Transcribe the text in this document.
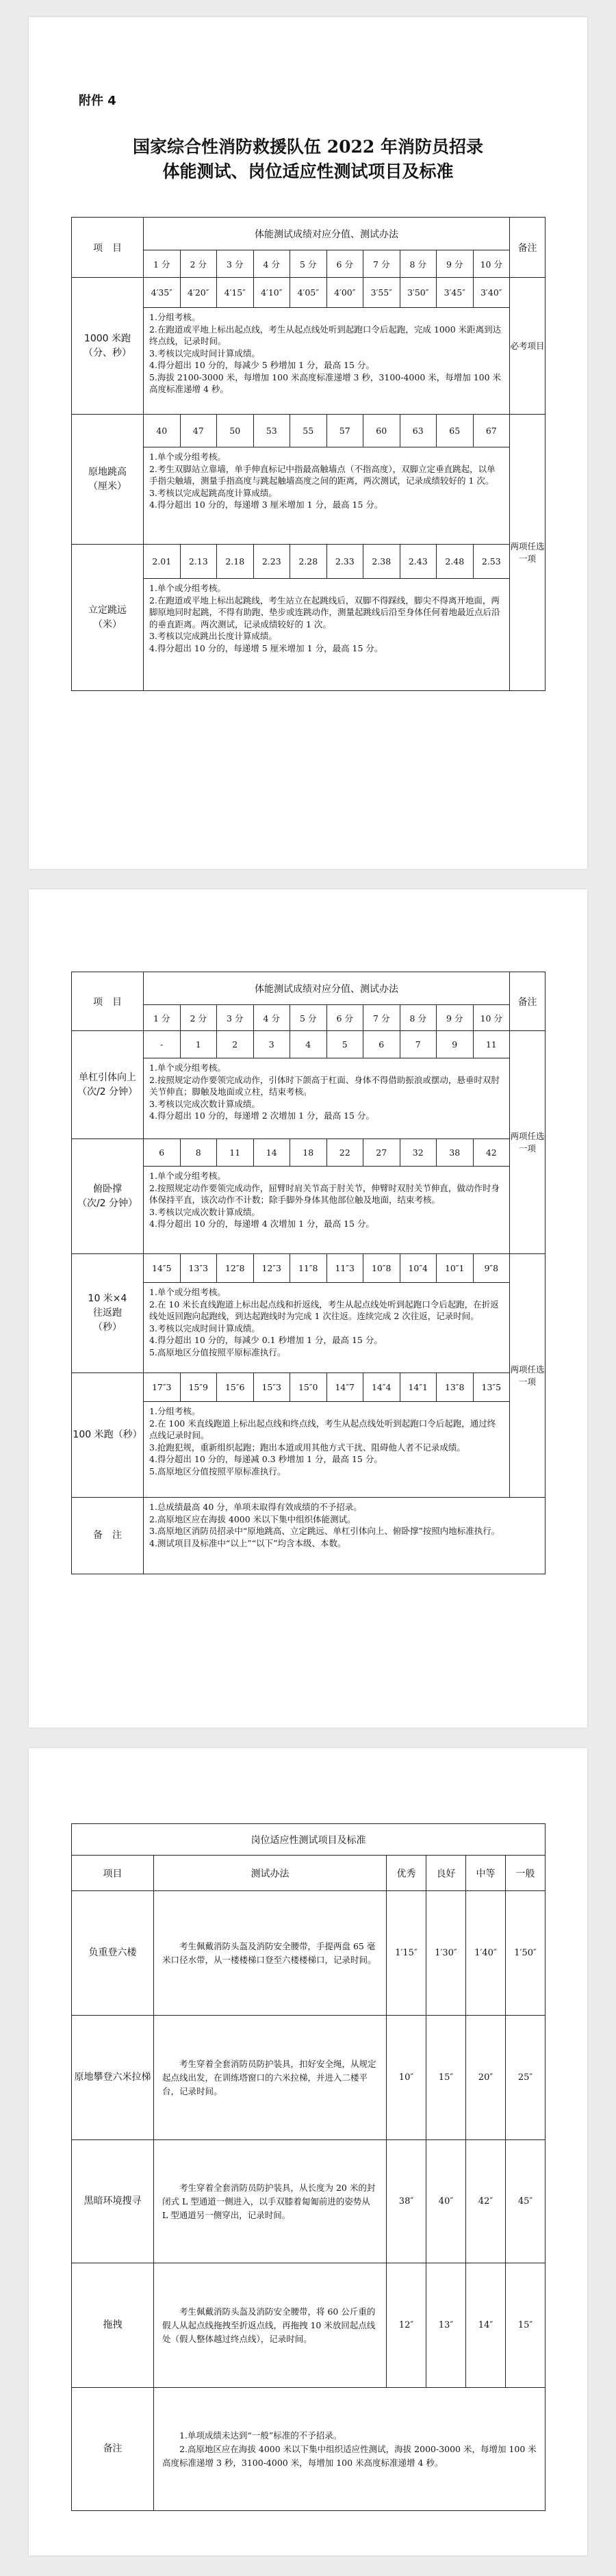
附件 4
国家综合性消防救援队伍 2022 年消防员招录
体能测试、岗位适应性测试项目及标准
项　目	体能测试成绩对应分值、测试办法										备注
	1 分	2 分	3 分	4 分	5 分	6 分	7 分	8 分	9 分	10 分	

1000 米跑
（分、秒）	4′35″	4′20″	4′15″	4′10″	4′05″	4′00″	3′55″	3′50″	3′45″	3′40″	必考项目

	1.分组考核。
2.在跑道或平地上标出起点线，考生从起点线处听到起跑口令后起跑，完成 1000 米距离到达终点线，记录时间。
3.考核以完成时间计算成绩。
4.得分超出 10 分的，每减少 5 秒增加 1 分，最高 15 分。
5.海拔 2100-3000 米，每增加 100 米高度标准递增 3 秒，3100-4000 米，每增加 100 米高度标准递增 4 秒。										

原地跳高
（厘米）	40	47	50	53	55	57	60	63	65	67	两项任选一项

	1.单个或分组考核。
2.考生双脚站立靠墙，单手伸直标记中指最高触墙点（不指高度），双脚立定垂直跳起，以单手指尖触墙，测量手指高度与跳起触墙高度之间的距离，两次测试，记录成绩较好的 1 次。
3.考核以完成起跳高度计算成绩。
4.得分超出 10 分的，每递增 3 厘米增加 1 分，最高 15 分。										

立定跳远
（米）	2.01	2.13	2.18	2.23	2.28	2.33	2.38	2.43	2.48	2.53	

	1.单个或分组考核。
2.在跑道或平地上标出起跳线，考生站立在起跳线后，双脚不得踩线，脚尖不得离开地面，两脚原地同时起跳，不得有助跑、垫步或连跳动作，测量起跳线后沿至身体任何着地最近点后沿的垂直距离。两次测试，记录成绩较好的 1 次。
3.考核以完成跳出长度计算成绩。
4.得分超出 10 分的，每递增 5 厘米增加 1 分，最高 15 分。										
项　目	体能测试成绩对应分值、测试办法										备注
	1 分	2 分	3 分	4 分	5 分	6 分	7 分	8 分	9 分	10 分	

单杠引体向上
（次/2 分钟）	-	1	2	3	4	5	6	7	9	11	两项任选一项

	1.单个或分组考核。
2.按照规定动作要领完成动作，引体时下颌高于杠面、身体不得借助振浪或摆动，悬垂时双肘关节伸直；脚触及地面或立柱，结束考核。
3.考核以完成次数计算成绩。
4.得分超出 10 分的，每递增 2 次增加 1 分，最高 15 分。										

俯卧撑
（次/2 分钟）	6	8	11	14	18	22	27	32	38	42	

	1.单个或分组考核。
2.按照规定动作要领完成动作，屈臂时肩关节高于肘关节，伸臂时双肘关节伸直，做动作时身体保持平直，该次动作不计数；除手脚外身体其他部位触及地面，结束考核。
3.考核以完成次数计算成绩。
4.得分超出 10 分的，每递增 4 次增加 1 分，最高 15 分。										

10 米×4
往返跑
（秒）	14″5	13″3	12″8	12″3	11″8	11″3	10″8	10″4	10″1	9″8	两项任选一项

	1.单个或分组考核。
2.在 10 米长直线跑道上标出起点线和折返线，考生从起点线处听到起跑口令后起跑，在折返线处返回跑向起跑线，到达起跑线时为完成 1 次往返。连续完成 2 次往返，记录时间。
3.考核以完成时间计算成绩。
4.得分超出 10 分的，每减少 0.1 秒增加 1 分，最高 15 分。
5.高原地区分值按照平原标准执行。										

100 米跑（秒）	17″3	15″9	15″6	15″3	15″0	14″7	14″4	14″1	13″8	13″5	

	1.分组考核。
2.在 100 米直线跑道上标出起点线和终点线，考生从起点线处听到起跑口令后起跑，通过终点线记录时间。
3.抢跑犯规，重新组织起跑；跑出本道或用其他方式干扰、阻碍他人者不记录成绩。
4.得分超出 10 分的，每递减 0.3 秒增加 1 分，最高 15 分。
5.高原地区分值按照平原标准执行。										

备　注	1.总成绩最高 40 分，单项未取得有效成绩的不予招录。
2.高原地区应在海拔 4000 米以下集中组织体能测试。
3.高原地区消防员招录中“原地跳高、立定跳远、单杠引体向上、俯卧撑”按照内地标准执行。
4.测试项目及标准中“以上”“以下”均含本级、本数。										
岗位适应性测试项目及标准					
项目	测试办法	优秀	良好	中等	一般
负重登六楼	考生佩戴消防头盔及消防安全腰带，手提两盘 65 毫米口径水带，从一楼楼梯口登至六楼楼梯口，记录时间。	1′15″	1′30″	1′40″	1′50″
原地攀登六米拉梯	考生穿着全套消防员防护装具，扣好安全绳，从规定起点线出发，在训练塔窗口的六米拉梯，并进入二楼平台，记录时间。	10″	15″	20″	25″
黑暗环境搜寻	考生穿着全套消防员防护装具，从长度为 20 米的封闭式 L 型通道一侧进入，以手双膝着匐匍前进的姿势从 L 型通道另一侧穿出，记录时间。	38″	40″	42″	45″
拖拽	考生佩戴消防头盔及消防安全腰带，将 60 公斤重的假人从起点线拖拽至折返点线，再拖拽 10 米放回起点线处（假人整体越过终点线），记录时间。	12″	13″	14″	15″
备注	1.单项成绩未达到“一般”标准的不予招录。
2.高原地区应在海拔 4000 米以下集中组织适应性测试，海拔 2000-3000 米，每增加 100 米高度标准递增 3 秒，3100-4000 米，每增加 100 米高度标准递增 4 秒。				
